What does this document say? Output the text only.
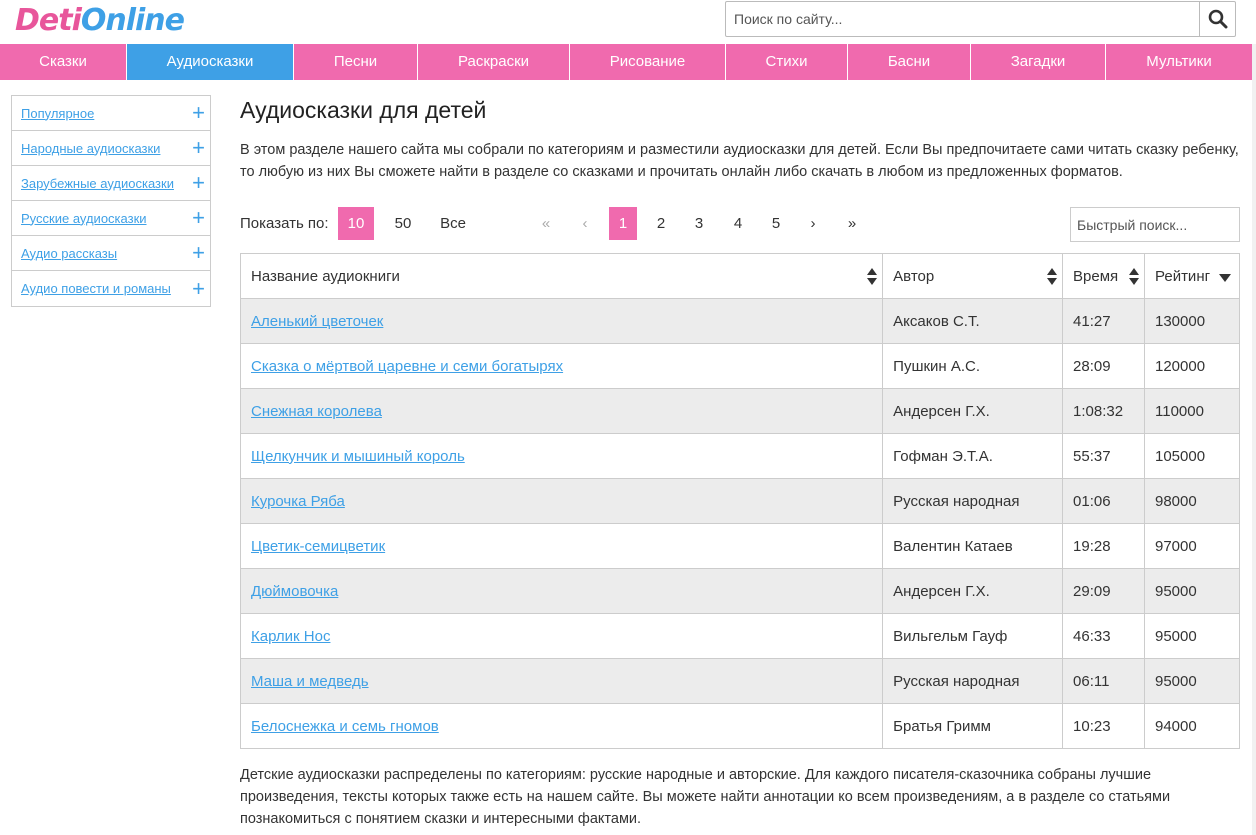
DetiOnline
Поиск по сайту...
Сказки	Аудиосказки	Песни	Раскраски	Рисование	Стихи	Басни	Загадки	Мультики
Популярное	+
Народные аудиосказки +
Зарубежные аудиосказки +
Русские аудиосказки +
Аудио рассказы	+
Аудио повести и романы +
Аудиосказки для детей

В этом разделе нашего сайта мы собрали по категориям и разместили аудиосказки для детей. Если Вы предпочитаете сами читать сказку ребенку, то любую из них Вы сможете найти в разделе со сказками и прочитать онлайн либо скачать в любом из предложенных форматов.

Показать по:	10	50	Все	«	‹	1	2	3	4	5	›	»
Быстрый поиск...
Название аудиокниги	Автор	Время	Рейтинг

Аленький цветочек	Аксаков С.Т.	41:27	130000
Сказка о мёртвой царевне и семи богатырях	Пушкин А.С.	28:09	120000
Снежная королева	Андерсен Г.Х.	1:08:32	110000
Щелкунчик и мышиный король	Гофман Э.Т.А.	55:37	105000
Курочка Ряба	Русская народная	01:06	98000
Цветик-семицветик	Валентин Катаев	19:28	97000
Дюймовочка	Андерсен Г.Х.	29:09	95000
Карлик Нос	Вильгельм Гауф	46:33	95000
Маша и медведь	Русская народная	06:11	95000
Белоснежка и семь гномов	Братья Гримм	10:23	94000

Детские аудиосказки распределены по категориям: русские народные и авторские. Для каждого писателя-сказочника собраны лучшие произведения, тексты которых также есть на нашем сайте. Вы можете найти аннотации ко всем произведениям, а в разделе со статьями познакомиться с понятием сказки и интересными фактами.
